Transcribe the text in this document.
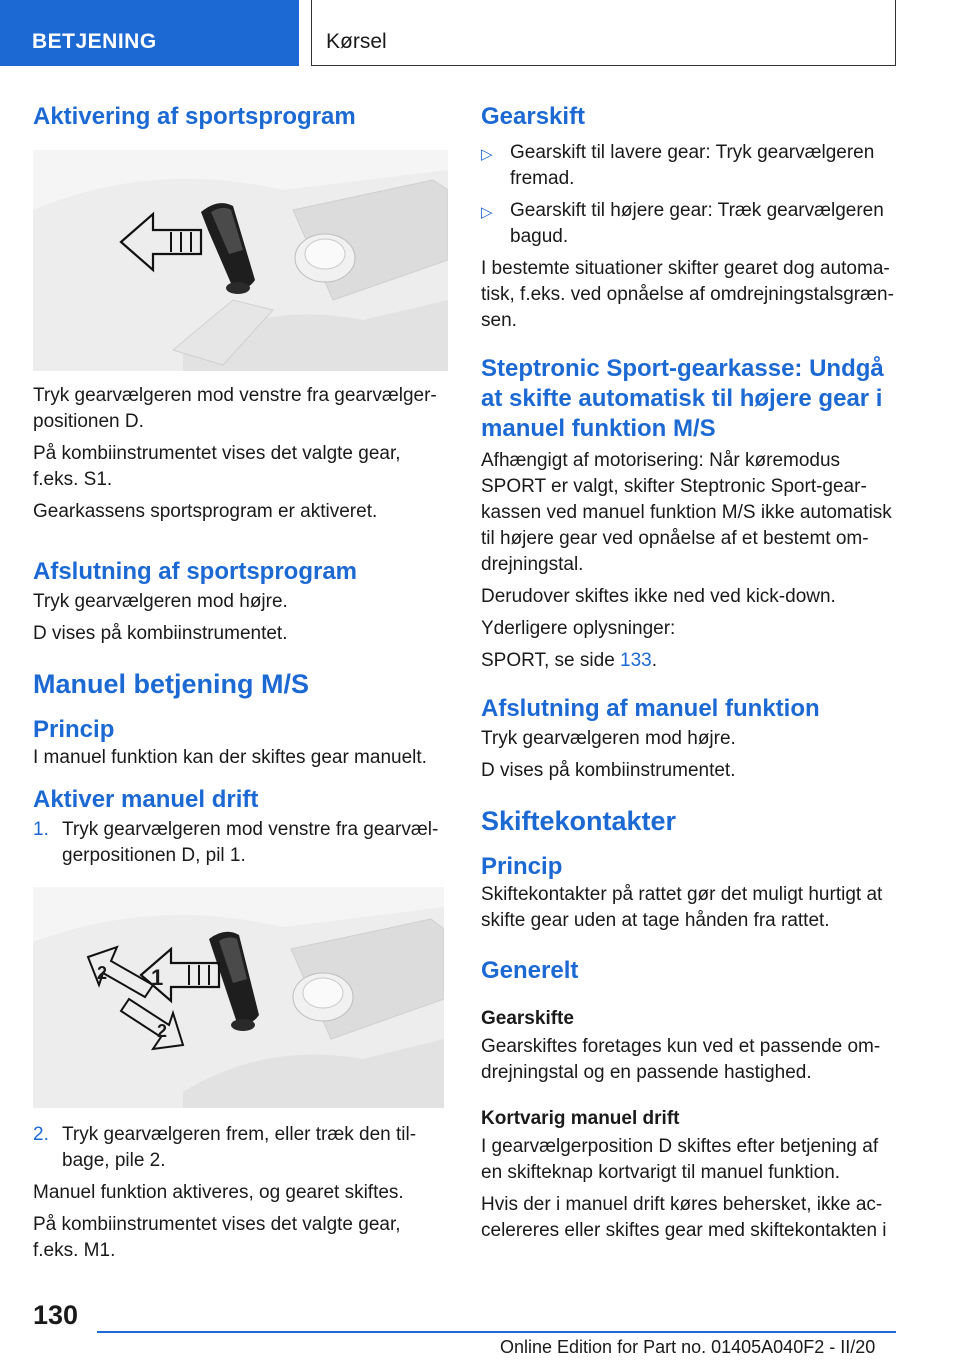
BETJENING	Kørsel
Aktivering af sportsprogram
Tryk gearvælgeren mod venstre fra gearvælger-positionen D.
På kombiinstrumentet vises det valgte gear, f.eks. S1.
Gearkassens sportsprogram er aktiveret.
Afslutning af sportsprogram
Tryk gearvælgeren mod højre.
D vises på kombiinstrumentet.
Manuel betjening M/S
Princip
I manuel funktion kan der skiftes gear manuelt.
Aktiver manuel drift
1. Tryk gearvælgeren mod venstre fra gearvæl-gerpositionen D, pil 1.
1
2
2
2. Tryk gearvælgeren frem, eller træk den til-bage, pile 2.
Manuel funktion aktiveres, og gearet skiftes.
På kombiinstrumentet vises det valgte gear, f.eks. M1.
Gearskift
▷ Gearskift til lavere gear: Tryk gearvælgeren fremad.
▷ Gearskift til højere gear: Træk gearvælgeren bagud.
I bestemte situationer skifter gearet dog automa-tisk, f.eks. ved opnåelse af omdrejningstalsgræn-sen.
Steptronic Sport-gearkasse: Undgå at skifte automatisk til højere gear i manuel funktion M/S
Afhængigt af motorisering: Når køremodus SPORT er valgt, skifter Steptronic Sport-gear-kassen ved manuel funktion M/S ikke automatisk til højere gear ved opnåelse af et bestemt om-drejningstal.
Derudover skiftes ikke ned ved kick-down.
Yderligere oplysninger:
SPORT, se side 133.
Afslutning af manuel funktion
Tryk gearvælgeren mod højre.
D vises på kombiinstrumentet.
Skiftekontakter
Princip
Skiftekontakter på rattet gør det muligt hurtigt at skifte gear uden at tage hånden fra rattet.
Generelt
Gearskifte
Gearskiftes foretages kun ved et passende om-drejningstal og en passende hastighed.
Kortvarig manuel drift
I gearvælgerposition D skiftes efter betjening af en skifteknap kortvarigt til manuel funktion.
Hvis der i manuel drift køres behersket, ikke ac-celereres eller skiftes gear med skiftekontakten i
130
Online Edition for Part no. 01405A040F2 - II/20
